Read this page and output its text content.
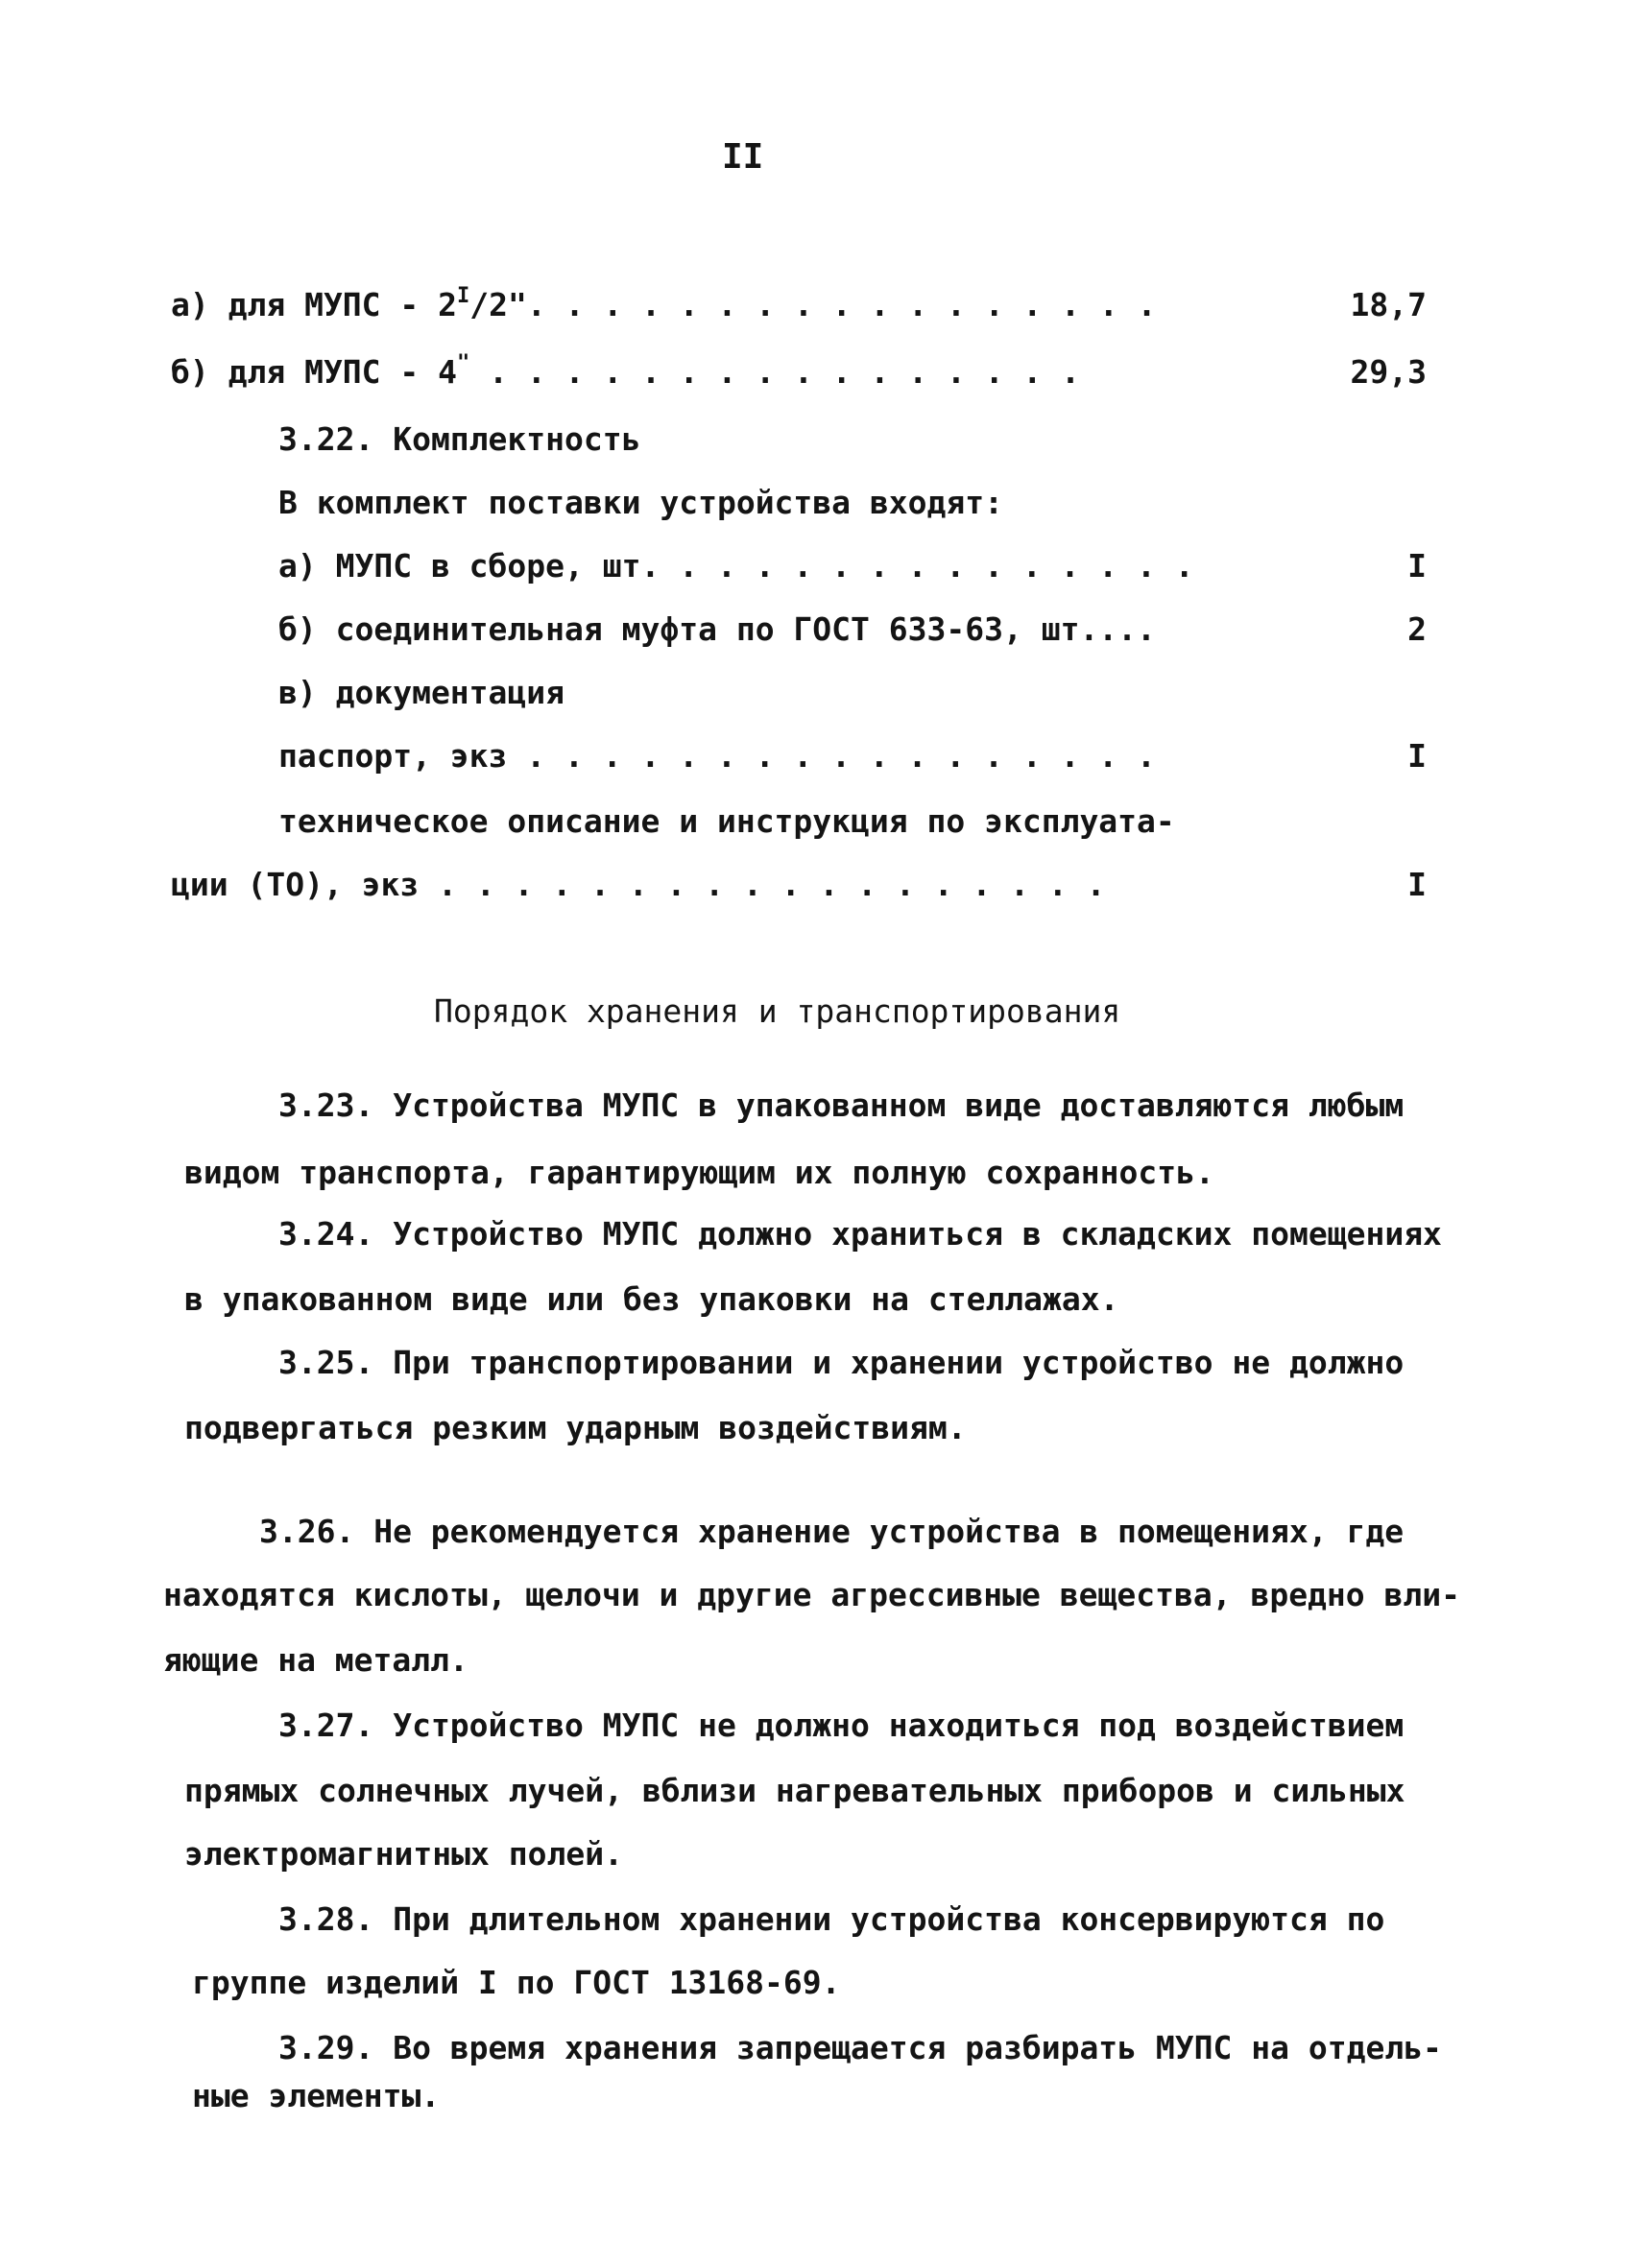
II
а) для МУПС - $2^I/2$". . . . . . . . . . . . . . . . .	18,7
б) для МУПС - 4" . . . . . . . . . . . . . . . .	29,3
3.22. Комплектность
В комплект поставки устройства входят:
а) МУПС в сборе, шт. . . . . . . . . . . . . . .	I
б) соединительная муфта по ГОСТ 633-63, шт....	2
в) документация
паспорт, экз . . . . . . . . . . . . . . . . .	I
техническое описание и инструкция по эксплуата-
ции (ТО), экз . . . . . . . . . . . . . . . . . .	I
Порядок хранения и транспортирования
3.23. Устройства МУПС в упакованном виде доставляются любым
видом транспорта, гарантирующим их полную сохранность.
3.24. Устройство МУПС должно храниться в складских помещениях
в упакованном виде или без упаковки на стеллажах.
3.25. При транспортировании и хранении устройство не должно
подвергаться резким ударным воздействиям.
3.26. Не рекомендуется хранение устройства в помещениях, где
находятся кислоты, щелочи и другие агрессивные вещества, вредно вли-
яющие на металл.
3.27. Устройство МУПС не должно находиться под воздействием
прямых солнечных лучей, вблизи нагревательных приборов и сильных
электромагнитных полей.
3.28. При длительном хранении устройства консервируются по
группе изделий I по ГОСТ 13168-69.
3.29. Во время хранения запрещается разбирать МУПС на отдель-
ные элементы.
